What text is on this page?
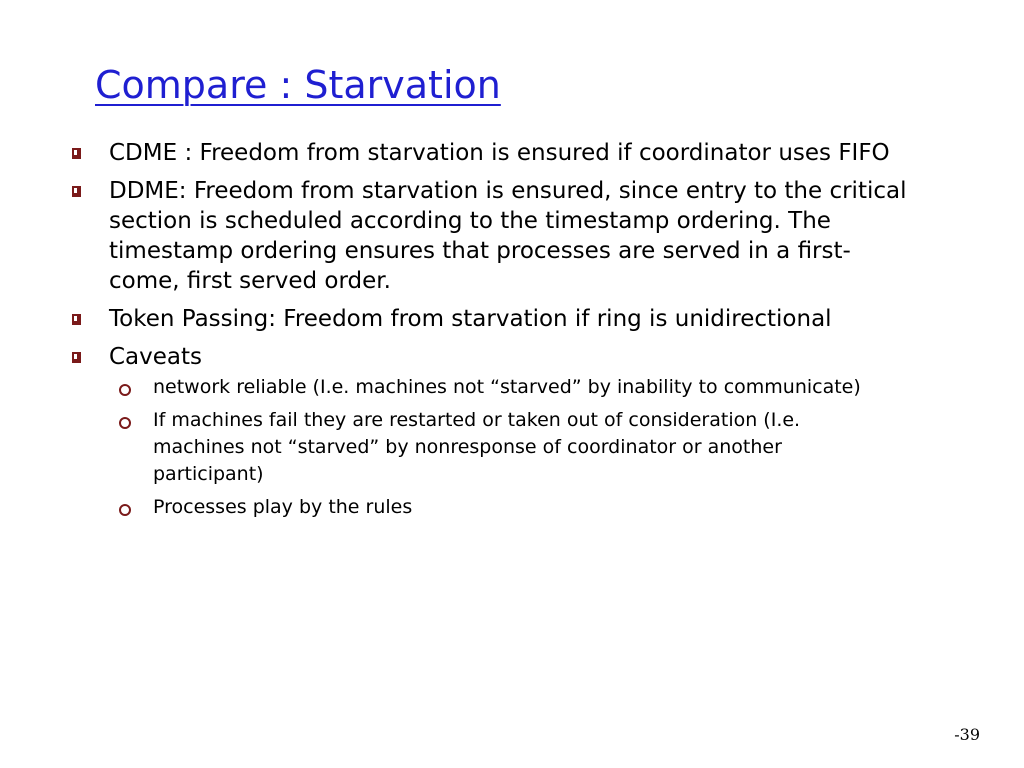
Compare : Starvation
CDME : Freedom from starvation is ensured if coordinator uses FIFO
DDME: Freedom from starvation is ensured, since entry to the critical section is scheduled according to the timestamp ordering. The timestamp ordering ensures that processes are served in a first-come, first served order.
Token Passing: Freedom from starvation if ring is unidirectional
Caveats
network reliable (I.e. machines not “starved” by inability to communicate)
If machines fail they are restarted or taken out of consideration (I.e. machines not “starved” by nonresponse of coordinator or another participant)
Processes play by the rules
-39
